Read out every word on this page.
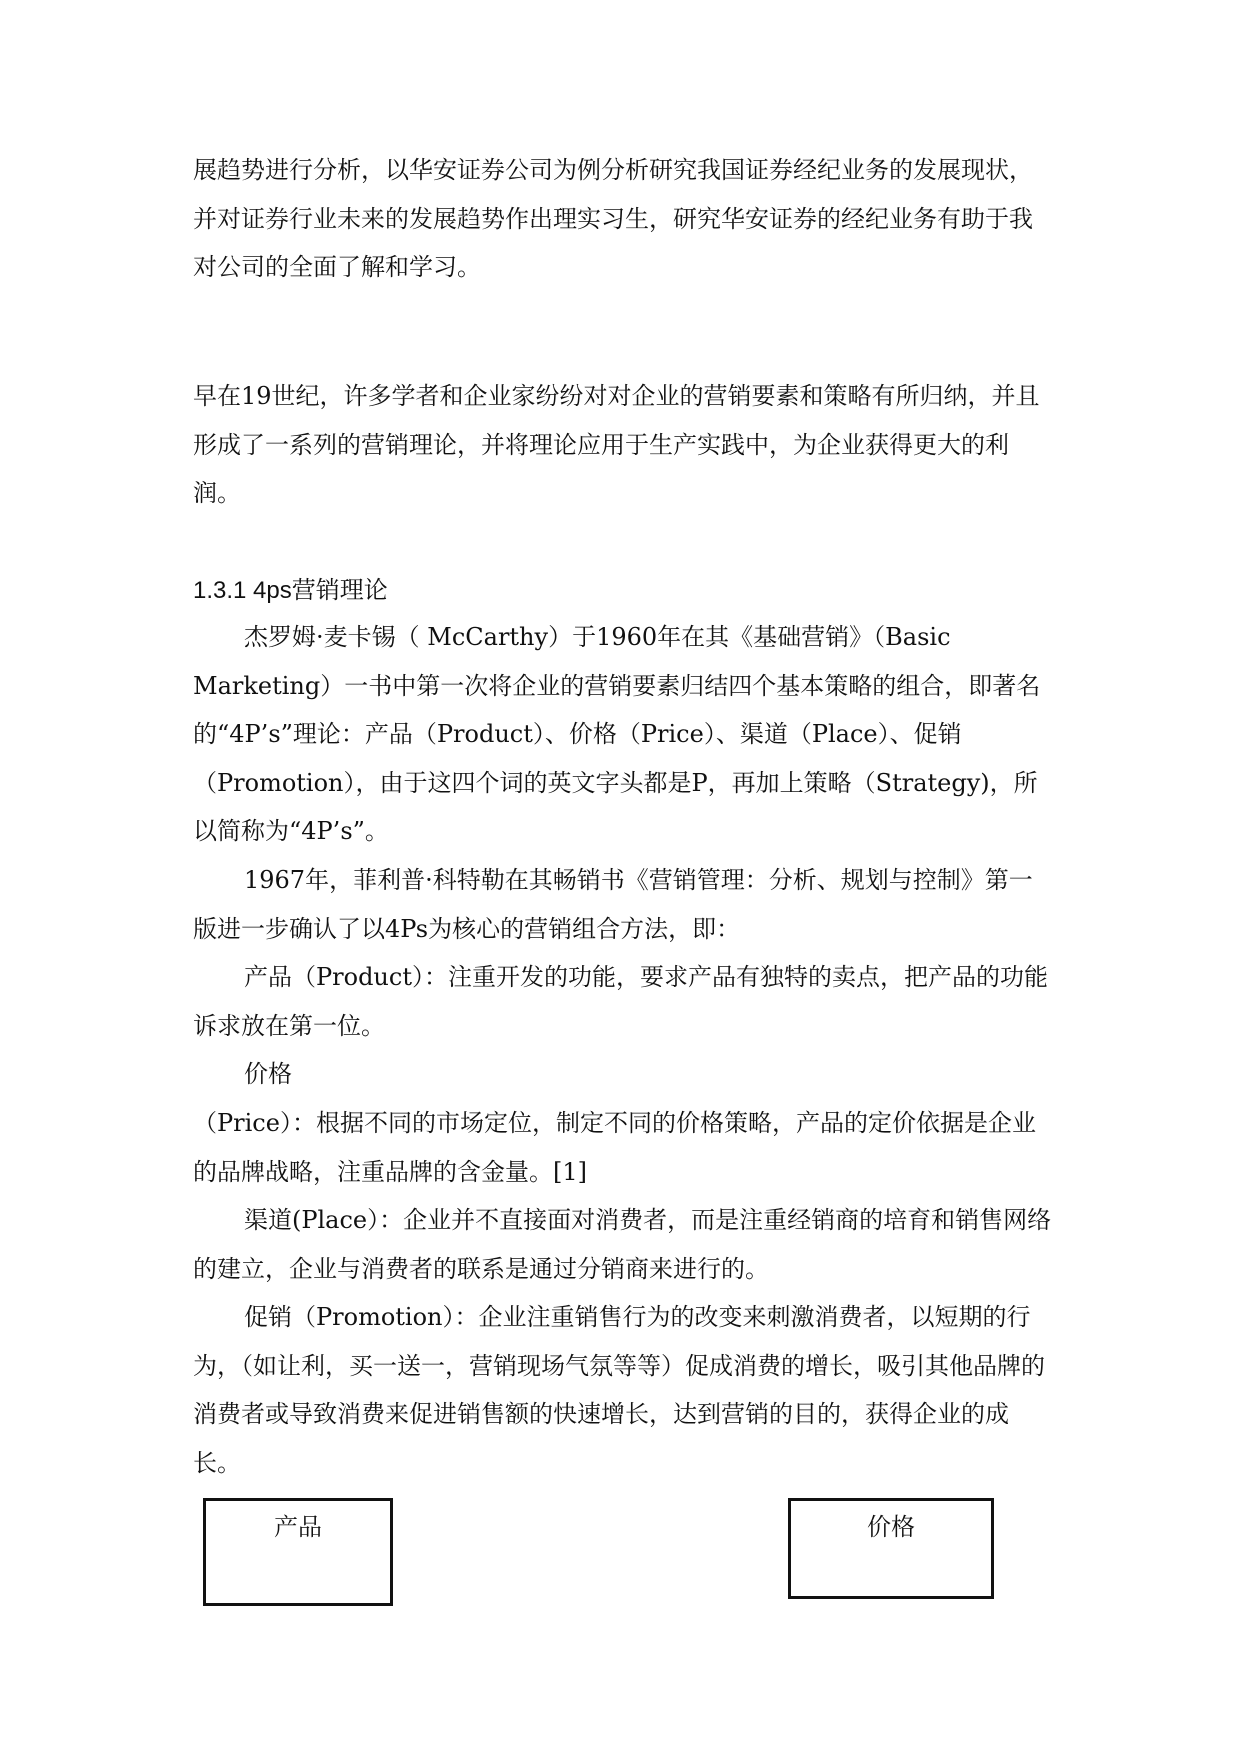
展趋势进行分析，以华安证券公司为例分析研究我国证券经纪业务的发展现状，并对证券行业未来的发展趋势作出理实习生，研究华安证券的经纪业务有助于我对公司的全面了解和学习。

早在19世纪，许多学者和企业家纷纷对对企业的营销要素和策略有所归纳，并且形成了一系列的营销理论，并将理论应用于生产实践中，为企业获得更大的利润。

1.3.1 4ps营销理论

杰罗姆·麦卡锡（ McCarthy）于1960年在其《基础营销》（Basic Marketing）一书中第一次将企业的营销要素归结四个基本策略的组合，即著名的“4P’s”理论：产品（Product）、价格（Price）、渠道（Place）、促销（Promotion），由于这四个词的英文字头都是P，再加上策略（Strategy)，所以简称为“4P’s”。

1967年，菲利普·科特勒在其畅销书《营销管理：分析、规划与控制》第一版进一步确认了以4Ps为核心的营销组合方法，即：

产品（Product）：注重开发的功能，要求产品有独特的卖点，把产品的功能诉求放在第一位。

价格

（Price）：根据不同的市场定位，制定不同的价格策略，产品的定价依据是企业的品牌战略，注重品牌的含金量。[1]

渠道(Place）：企业并不直接面对消费者，而是注重经销商的培育和销售网络的建立，企业与消费者的联系是通过分销商来进行的。

促销（Promotion）：企业注重销售行为的改变来刺激消费者，以短期的行为，（如让利，买一送一，营销现场气氛等等）促成消费的增长，吸引其他品牌的消费者或导致消费来促进销售额的快速增长，达到营销的目的，获得企业的成长。

产品	价格
